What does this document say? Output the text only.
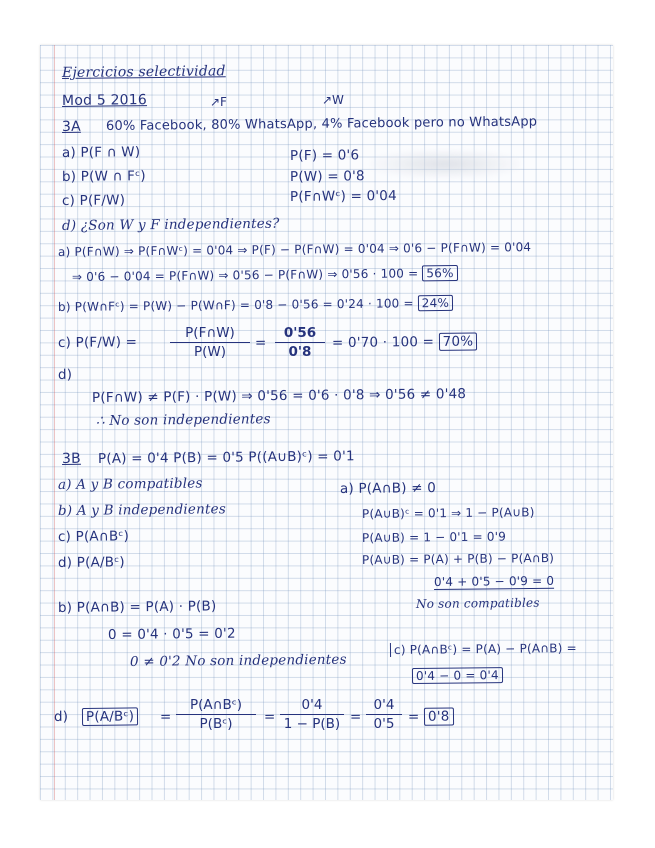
Ejercicios selectividad
Mod 5 2016	↗F	↗W
3A 60% Facebook, 80% WhatsApp, 4% Facebook pero no WhatsApp
a) P(F ∩ W)
b) P(W ∩ Fᶜ)
c) P(F/W)
d) ¿Son W y F independientes?
P(F) = 0'6
P(W) = 0'8
P(F∩Wᶜ) = 0'04
a) P(F∩W) ⇒ P(F∩Wᶜ) = 0'04 ⇒ P(F) − P(F∩W) = 0'04 ⇒ 0'6 − P(F∩W) = 0'04
⇒ 0'6 − 0'04 = P(F∩W) ⇒ 0'56 − P(F∩W) ⇒ 0'56 · 100 = 56%
b) P(W∩Fᶜ) = P(W) − P(W∩F) = 0'8 − 0'56 = 0'24 · 100 = 24%
c) P(F/W) =
P(F∩W)
P(W)
=
0'56
0'8
= 0'70 · 100 = 70%
d)
P(F∩W) ≠ P(F) · P(W) ⇒ 0'56 = 0'6 · 0'8 ⇒ 0'56 ≠ 0'48
∴ No son independientes
3B P(A) = 0'4 P(B) = 0'5 P((A∪B)ᶜ) = 0'1
a) A y B compatibles
b) A y B independientes
c) P(A∩Bᶜ)
d) P(A/Bᶜ)
a) P(A∩B) ≠ 0
P(A∪B)ᶜ = 0'1 ⇒ 1 − P(A∪B)
P(A∪B) = 1 − 0'1 = 0'9
P(A∪B) = P(A) + P(B) − P(A∩B)
0'4 + 0'5 − 0'9 = 0
No son compatibles
b) P(A∩B) = P(A) · P(B)
0 = 0'4 · 0'5 = 0'2
0 ≠ 0'2 No son independientes
c) P(A∩Bᶜ) = P(A) − P(A∩B) =
0'4 − 0 = 0'4
d) P(A/Bᶜ) =
P(A∩Bᶜ)
P(Bᶜ)	=
0'4
1 − P(B) =
0'4
0'5 = 0'8
